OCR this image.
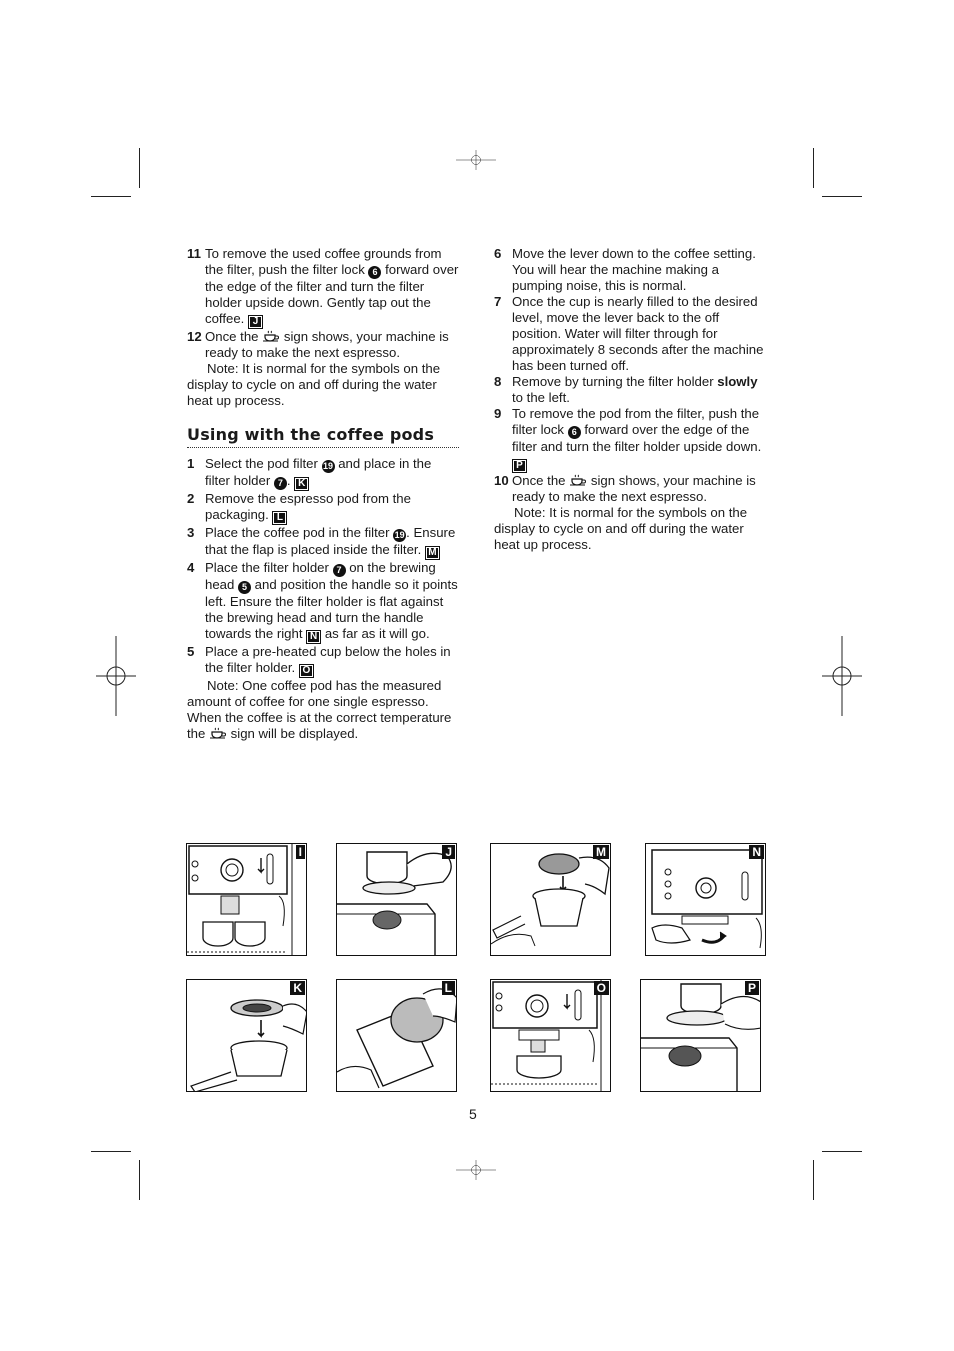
11 To remove the used coffee grounds from the filter, push the filter lock 6 forward over the edge of the filter and turn the filter holder upside down. Gently tap out the coffee. J
12 Once the  sign shows, your machine is ready to make the next espresso.

Note: It is normal for the symbols on the display to cycle on and off during the water heat up process.

Using with the coffee pods
1 Select the pod filter 19 and place in the filter holder 7 . K
2 Remove the espresso pod from the packaging. L
3 Place the coffee pod in the filter 19 . Ensure that the flap is placed inside the filter. M
4 Place the filter holder 7 on the brewing head 5 and position the handle so it points left. Ensure the filter holder is flat against the brewing head and turn the handle towards the right N as far as it will go.
5 Place a pre-heated cup below the holes in the filter holder. O

Note: One coffee pod has the measured amount of coffee for one single espresso. When the coffee is at the correct temperature the  sign will be displayed.

6 Move the lever down to the coffee setting. You will hear the machine making a pumping noise, this is normal.
7 Once the cup is nearly filled to the desired level, move the lever back to the off position. Water will filter through for approximately 8 seconds after the machine has been turned off.
8 Remove by turning the filter holder slowly to the left.
9 To remove the pod from the filter, push the filter lock 6 forward over the edge of the filter and turn the filter holder upside down. P
10 Once the  sign shows, your machine is ready to make the next espresso.

Note: It is normal for the symbols on the display to cycle on and off during the water heat up process.

I	J	M	N
K	L	O	P
5
